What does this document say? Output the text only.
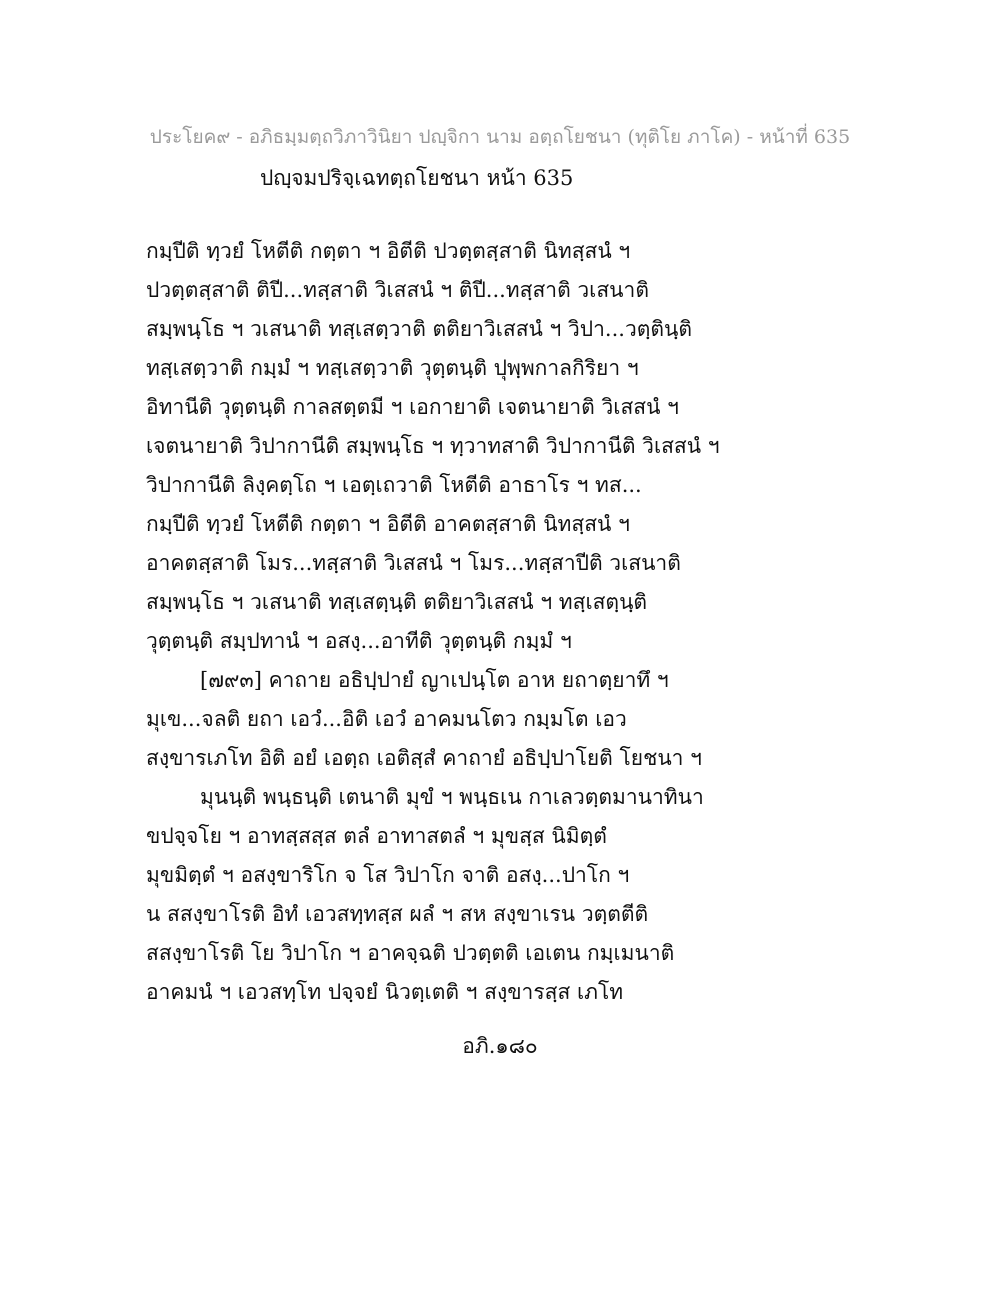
ประโยค๙ - อภิธมฺมตฺถวิภาวินิยา ปญฺจิกา นาม อตฺถโยชนา (ทุติโย ภาโค) - หน้าที่ 635
ปญฺจมปริจฺเฉทตฺถโยชนา หน้า 635
กมฺปีติ ทฺวยํ โหตีติ กตฺตา ฯ อิตีติ ปวตฺตสฺสาติ นิทสฺสนํ ฯ
ปวตฺตสฺสาติ ติปี...ทสฺสาติ วิเสสนํ ฯ ติปี...ทสฺสาติ วเสนาติ
สมฺพนฺโธ ฯ วเสนาติ ทสฺเสตฺวาติ ตติยาวิเสสนํ ฯ วิปา...วตฺตินฺติ
ทสฺเสตฺวาติ กมฺมํ ฯ ทสฺเสตฺวาติ วุตฺตนฺติ ปุพฺพกาลกิริยา ฯ
อิทานีติ วุตฺตนฺติ กาลสตฺตมี ฯ เอกายาติ เจตนายาติ วิเสสนํ ฯ
เจตนายาติ วิปากานีติ สมฺพนฺโธ ฯ ทฺวาทสาติ วิปากานีติ วิเสสนํ ฯ
วิปากานีติ ลิงฺคตฺโถ ฯ เอตฺเถวาติ โหตีติ อาธาโร ฯ ทส...
กมฺปีติ ทฺวยํ โหตีติ กตฺตา ฯ อิตีติ อาคตสฺสาติ นิทสฺสนํ ฯ
อาคตสฺสาติ โมร...ทสฺสาติ วิเสสนํ ฯ โมร...ทสฺสาปีติ วเสนาติ
สมฺพนฺโธ ฯ วเสนาติ ทสฺเสตฺนฺติ ตติยาวิเสสนํ ฯ ทสฺเสตฺนฺติ
วุตฺตนฺติ สมฺปทานํ ฯ อสงฺ...อาทีติ วุตฺตนฺติ กมฺมํ ฯ
[๗๙๓] คาถาย อธิปฺปายํ ญาเปนฺโต อาห ยถาตฺยาทึ ฯ
มุเข...จลติ ยถา เอวํ...อิติ เอวํ อาคมนโตว กมฺมโต เอว
สงฺขารเภโท อิติ อยํ เอตฺถ เอติสฺสํ คาถายํ อธิปฺปาโยติ โยชนา ฯ
มุนนฺติ พนฺธนฺติ เตนาติ มุขํ ฯ พนฺธเน กาเลวตฺตมานาทินา
ขปจฺจโย ฯ อาทสฺสสฺส ตลํ อาทาสตลํ ฯ มุขสฺส นิมิตฺตํ
มุขมิตฺตํ ฯ อสงฺขาริโก จ โส วิปาโก จาติ อสงฺ...ปาโก ฯ
น สสงฺขาโรติ อิทํ เอวสทฺทสฺส ผลํ ฯ สห สงฺขาเรน วตฺตตีติ
สสงฺขาโรติ โย วิปาโก ฯ อาคจฺฉติ ปวตฺตติ เอเตน กมฺเมนาติ
อาคมนํ ฯ เอวสทฺโท ปจฺจยํ นิวตฺเตติ ฯ สงฺขารสฺส เภโท
อภิ.๑๘๐
